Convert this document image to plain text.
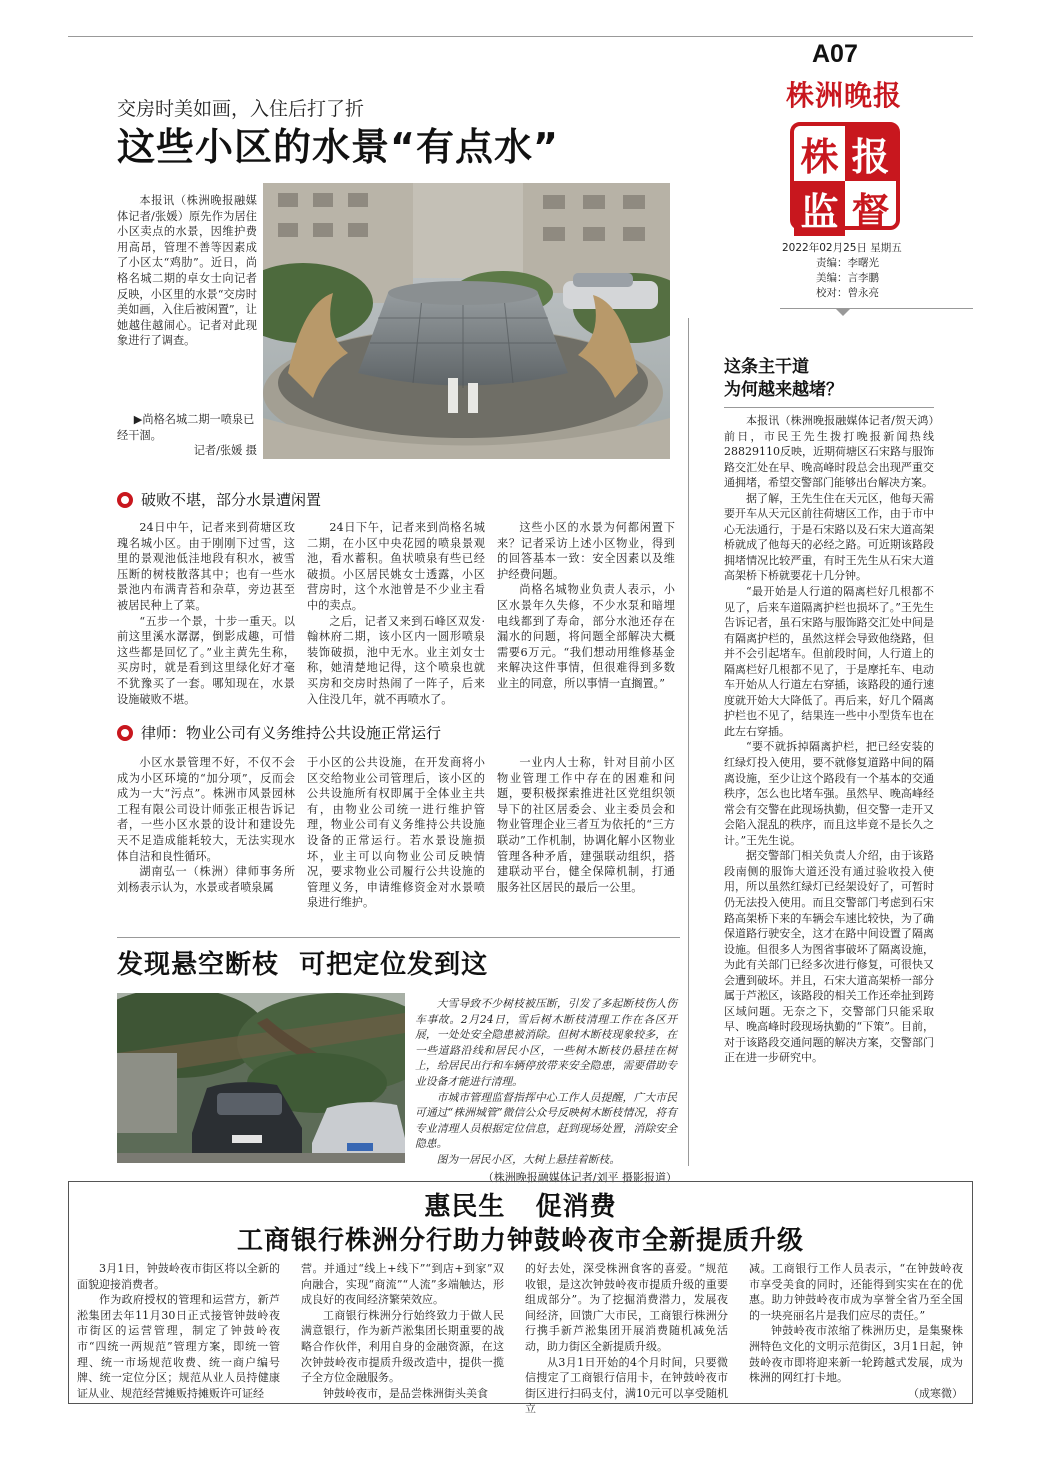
A07
株洲晚报
株 报
监 督
2022年02月25日 星期五
责编：李曙光
美编：言李鹏
校对：曾永亮
交房时美如画，入住后打了折
这些小区的水景“有点水”

本报讯（株洲晚报融媒体记者/张媛）原先作为居住小区卖点的水景，因维护费用高昂，管理不善等因素成了小区太“鸡肋”。近日，尚格名城二期的卓女士向记者反映，小区里的水景“交房时美如画，入住后被闲置”，让她越住越闹心。记者对此现象进行了调查。

▶尚格名城二期一喷泉已经干涸。
记者/张媛 摄
破败不堪，部分水景遭闲置

24日中午，记者来到荷塘区玫瑰名城小区。由于刚刚下过雪，这里的景观池低洼地段有积水，被雪压断的树枝散落其中；也有一些水景池内布满青苔和杂草，旁边甚至被居民种上了菜。

“五步一个景，十步一重天。以前这里溪水潺潺，倒影成趣，可惜这些都是回忆了。”业主黄先生称，买房时，就是看到这里绿化好才毫不犹豫买了一套。哪知现在，水景设施破败不堪。

24日下午，记者来到尚格名城二期，在小区中央花园的喷泉景观池，看水蓄积。鱼状喷泉有些已经破损。小区居民姚女士透露，小区营房时，这个水池曾是不少业主看中的卖点。

之后，记者又来到石峰区双发·翰林府二期，该小区内一圆形喷泉装饰破损，池中无水。业主刘女士称，她清楚地记得，这个喷泉也就买房和交房时热闹了一阵子，后来入住没几年，就不再喷水了。

这些小区的水景为何都闲置下来？记者采访上述小区物业，得到的回答基本一致：安全因素以及维护经费问题。

尚格名城物业负责人表示，小区水景年久失修，不少水泵和暗埋电线都到了寿命，部分水池还存在漏水的问题，将问题全部解决大概需要6万元。“我们想动用维修基金来解决这件事情，但很难得到多数业主的同意，所以事情一直搁置。”

律师：物业公司有义务维持公共设施正常运行

小区水景管理不好，不仅不会成为小区环境的“加分项”，反而会成为一大“污点”。株洲市风景园林工程有限公司设计师张正根告诉记者，一些小区水景的设计和建设先天不足造成能耗较大，无法实现水体自洁和良性循环。

湖南弘一（株洲）律师事务所刘杨表示认为，水景或者喷泉属

于小区的公共设施，在开发商将小区交给物业公司管理后，该小区的公共设施所有权即属于全体业主共有，由物业公司统一进行维护管理，物业公司有义务维持公共设施设备的正常运行。若水景设施损坏，业主可以向物业公司反映情况，要求物业公司履行公共设施的管理义务，申请维修资金对水景喷泉进行维护。

一业内人士称，针对目前小区物业管理工作中存在的困难和问题，要积极探索推进社区党组织领导下的社区居委会、业主委员会和物业管理企业三者互为依托的“三方联动”工作机制，协调化解小区物业管理各种矛盾，建强联动组织，搭建联动平台，健全保障机制，打通服务社区居民的最后一公里。

发现悬空断枝  可把定位发到这

大雪导致不少树枝被压断，引发了多起断枝伤人伤车事故。2月24日，雪后树木断枝清理工作在各区开展，一处处安全隐患被消除。但树木断枝现象较多，在一些道路沿线和居民小区，一些树木断枝仍悬挂在树上，给居民出行和车辆停放带来安全隐患，需要借助专业设备才能进行清理。

市城市管理监督指挥中心工作人员提醒，广大市民可通过“株洲城管”微信公众号反映树木断枝情况，将有专业清理人员根据定位信息，赶到现场处置，消除安全隐患。

图为一居民小区，大树上悬挂着断枝。

（株洲晚报融媒体记者/刘平 摄影报道）

这条主干道
为何越来越堵？

本报讯（株洲晚报融媒体记者/贺天鸿）前日，市民王先生拨打晚报新闻热线28829110反映，近期荷塘区石宋路与服饰路交汇处在早、晚高峰时段总会出现严重交通拥堵，希望交警部门能够出台解决方案。

据了解，王先生住在天元区，他每天需要开车从天元区前往荷塘区工作，由于市中心无法通行，于是石宋路以及石宋大道高架桥就成了他每天的必经之路。可近期该路段拥堵情况比较严重，有时王先生从石宋大道高架桥下桥就要花十几分钟。

“最开始是人行道的隔离栏好几根都不见了，后来车道隔离护栏也损坏了。”王先生告诉记者，虽石宋路与服饰路交汇处中间是有隔离护栏的，虽然这样会导致他绕路，但并不会引起堵车。但前段时间，人行道上的隔离栏好几根都不见了，于是摩托车、电动车开始从人行道左右穿插，该路段的通行速度就开始大大降低了。再后来，好几个隔离护栏也不见了，结果连一些中小型货车也在此左右穿插。

“要不就拆掉隔离护栏，把已经安装的红绿灯投入使用，要不就修复道路中间的隔离设施，至少让这个路段有一个基本的交通秩序，怎么也比堵车强。虽然早、晚高峰经常会有交警在此现场执勤，但交警一走开又会陷入混乱的秩序，而且这毕竟不是长久之计。”王先生说。

据交警部门相关负责人介绍，由于该路段南侧的服饰大道还没有通过验收投入使用，所以虽然红绿灯已经架设好了，可暂时仍无法投入使用。而且交警部门考虑到石宋路高架桥下来的车辆会车速比较快，为了确保道路行驶安全，这才在路中间设置了隔离设施。但很多人为图省事破坏了隔离设施，为此有关部门已经多次进行修复，可很快又会遭到破坏。并且，石宋大道高架桥一部分属于芦淞区，该路段的相关工作还牵扯到跨区域问题。无奈之下，交警部门只能采取早、晚高峰时段现场执勤的“下策”。目前，对于该路段交通问题的解决方案，交警部门正在进一步研究中。

惠民生   促消费
工商银行株洲分行助力钟鼓岭夜市全新提质升级

3月1日，钟鼓岭夜市街区将以全新的面貌迎接消费者。

作为政府授权的管理和运营方，新芦淞集团去年11月30日正式接管钟鼓岭夜市街区的运营管理，制定了钟鼓岭夜市“四统一两规范”管理方案，即统一管理、统一市场规范收费、统一商户编号牌、统一定位分区；规范从业人员持健康证从业、规范经营摊贩持摊贩许可证经

营。并通过“线上+线下”“到店+到家”双向融合，实现“商流”“人流”多端触达，形成良好的夜间经济繁荣效应。

工商银行株洲分行始终致力于做人民满意银行，作为新芦淞集团长期重要的战略合作伙伴，利用自身的金融资源，在这次钟鼓岭夜市提质升级改造中，提供一揽子全方位金融服务。

钟鼓岭夜市，是品尝株洲街头美食

的好去处，深受株洲食客的喜爱。“规范收银，是这次钟鼓岭夜市提质升级的重要组成部分”。为了挖掘消费潜力，发展夜间经济，回馈广大市民，工商银行株洲分行携手新芦淞集团开展消费随机减免活动，助力街区全新提质升级。

从3月1日开始的4个月时间，只要微信搜定了工商银行信用卡，在钟鼓岭夜市街区进行扫码支付，满10元可以享受随机立

减。工商银行工作人员表示，“在钟鼓岭夜市享受美食的同时，还能得到实实在在的优惠。助力钟鼓岭夜市成为享誉全省乃至全国的一块亮丽名片是我们应尽的责任。”

钟鼓岭夜市浓缩了株洲历史，是集聚株洲特色文化的文明示范街区，3月1日起，钟鼓岭夜市即将迎来新一轮跨越式发展，成为株洲的网红打卡地。

（成寒微）
